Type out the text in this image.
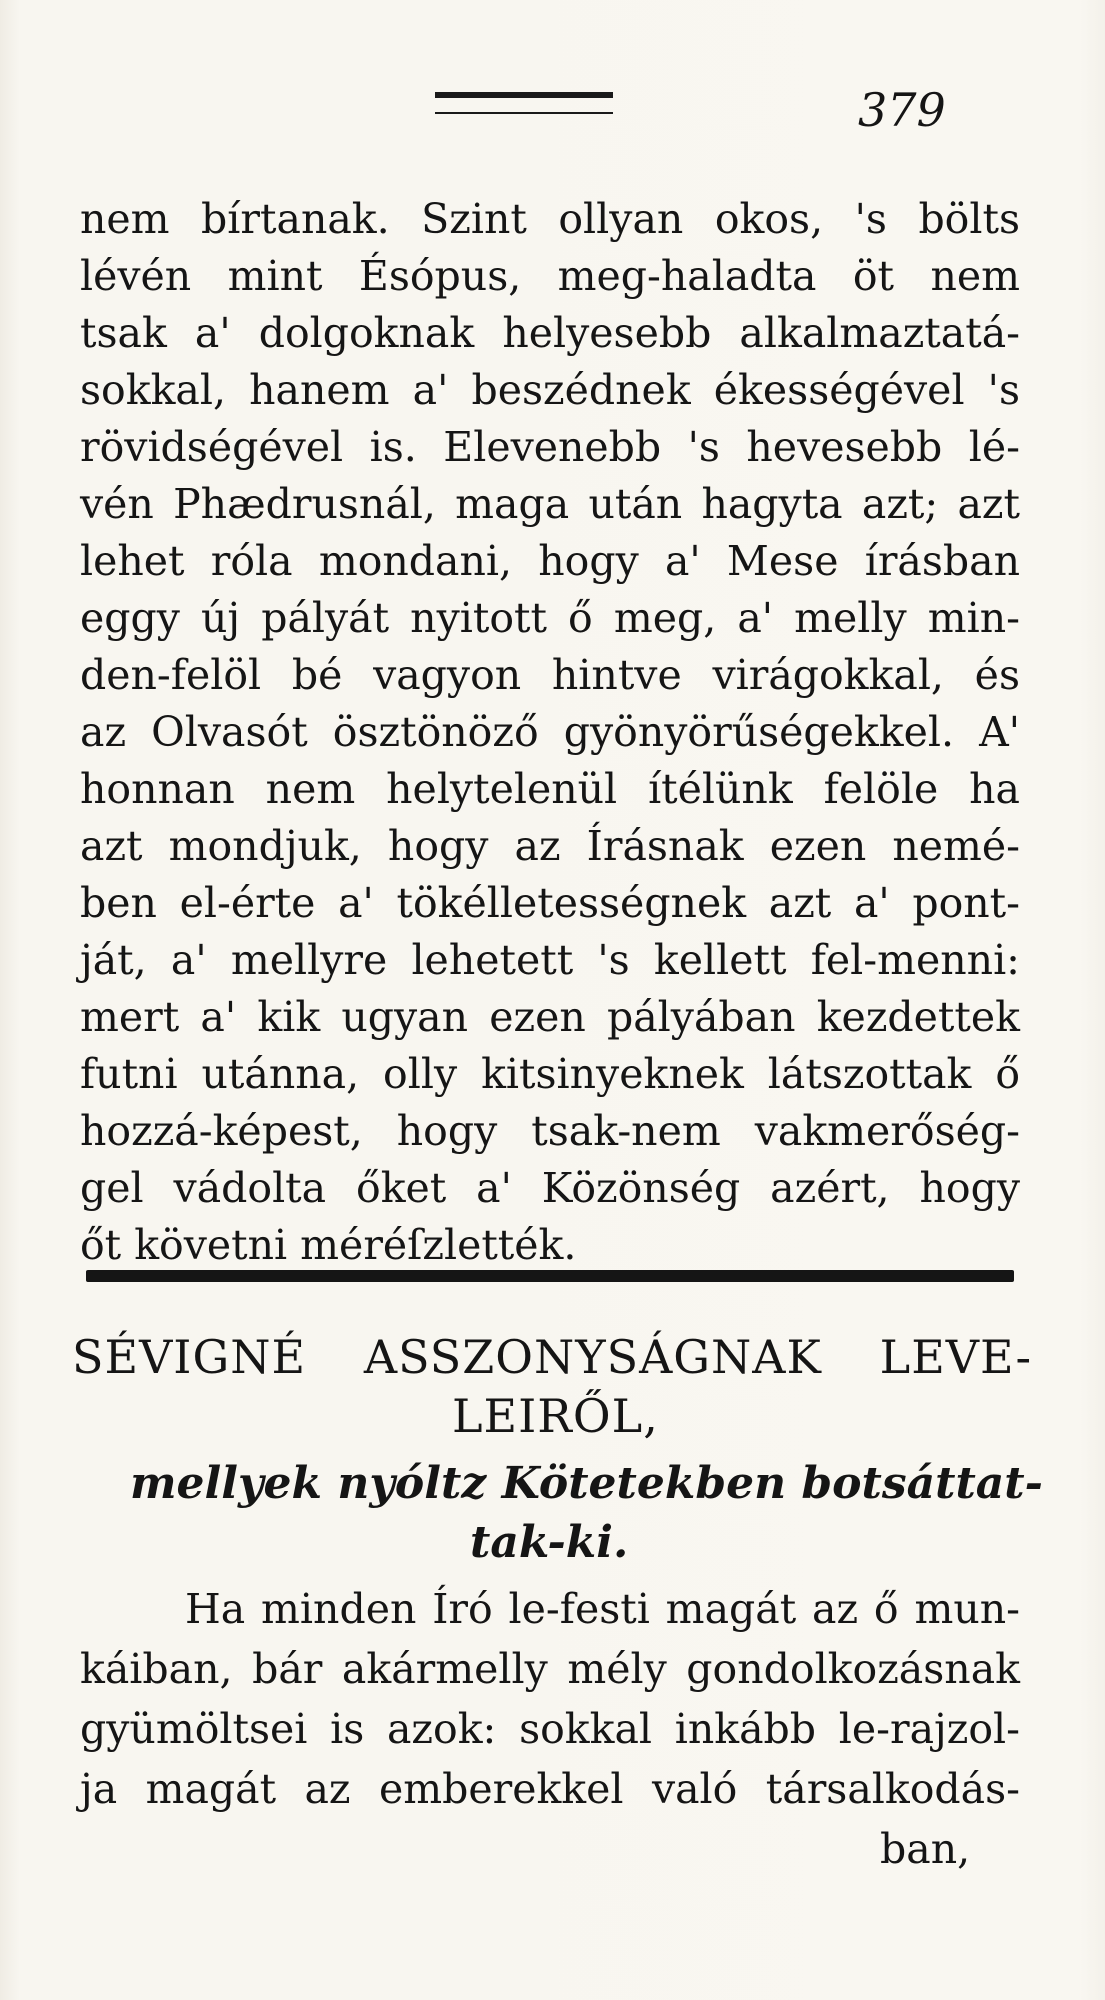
379
nem bírtanak. Szint ollyan okos, 's bölts
lévén mint Ésópus, meg-haladta öt nem
tsak a' dolgoknak helyesebb alkalmaztatá-
sokkal, hanem a' beszédnek ékességével 's
rövidségével is. Elevenebb 's hevesebb lé-
vén Phædrusnál, maga után hagyta azt; azt
lehet róla mondani, hogy a' Mese írásban
eggy új pályát nyitott ő meg, a' melly min-
den-felöl bé vagyon hintve virágokkal, és
az Olvasót ösztönöző gyönyörűségekkel. A'
honnan nem helytelenül ítélünk felöle ha
azt mondjuk, hogy az Írásnak ezen nemé-
ben el-érte a' tökélletességnek azt a' pont-
ját, a' mellyre lehetett 's kellett fel-menni:
mert a' kik ugyan ezen pályában kezdettek
futni utánna, olly kitsinyeknek látszottak ő
hozzá-képest, hogy tsak-nem vakmerőség-
gel vádolta őket a' Közönség azért, hogy
őt követni méréſzlették.
SÉVIGNÉ ASSZONYSÁGNAK LEVE-
LEIRŐL,
mellyek nyóltz Kötetekben botsáttat-
tak-ki.
Ha minden Író le-festi magát az ő mun-
káiban, bár akármelly mély gondolkozásnak
gyümöltsei is azok: sokkal inkább le-rajzol-
ja magát az emberekkel való társalkodás-
ban,
